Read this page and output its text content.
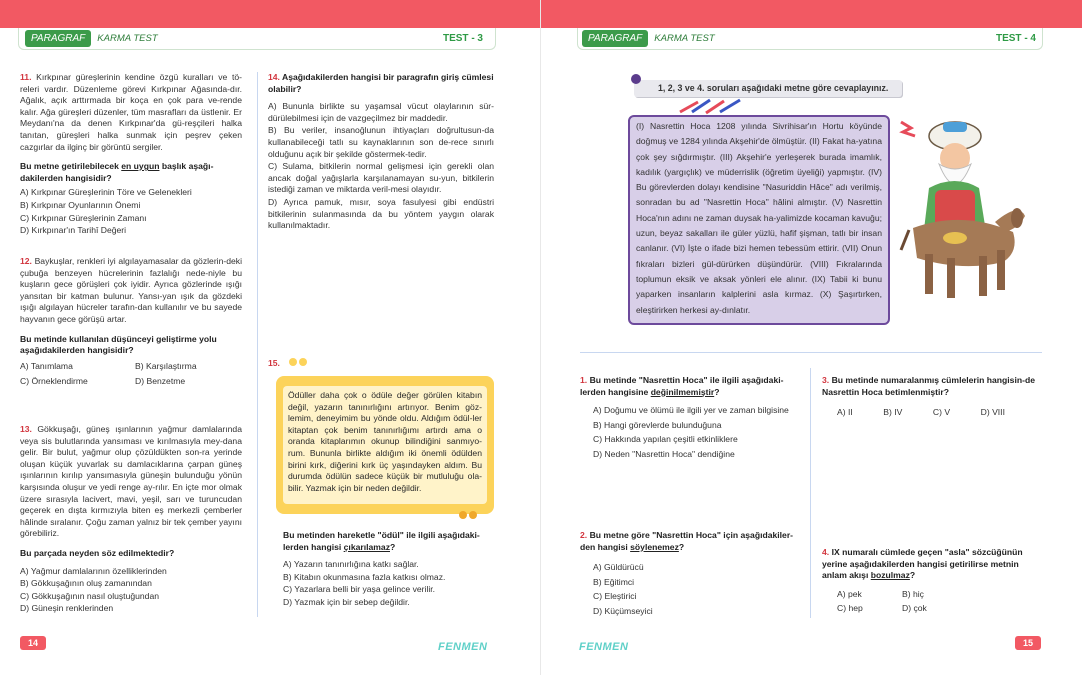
PARAGRAF	KARMA TEST	TEST - 3
11. Kırkpınar güreşlerinin kendine özgü kuralları ve tö-releri vardır. Düzenleme görevi Kırkpınar Ağasında-dır. Ağalık, açık arttırmada bir koça en çok para ve-rende kalır. Ağa güreşleri düzenler, tüm masrafları da üstlenir. Er Meydanı'na da denen Kırkpınar'da gü-reşçileri halka tanıtan, güreşleri halka sunmak için peşrev çeken cazgırlar da ilginç bir görüntü sergiler.
Bu metne getirilebilecek en uygun başlık aşağı-dakilerden hangisidir?
A) Kırkpınar Güreşlerinin Töre ve Gelenekleri
B) Kırkpınar Oyunlarının Önemi
C) Kırkpınar Güreşlerinin Zamanı
D) Kırkpınar'ın Tarihî Değeri
12. Baykuşlar, renkleri iyi algılayamasalar da gözlerin-deki çubuğa benzeyen hücrelerinin fazlalığı nede-niyle bu kuşların gece görüşleri çok iyidir. Ayrıca gözlerinde ışığı yansıtan bir katman bulunur. Yansı-yan ışık da gözdeki ışığı algılayan hücreler tarafın-dan kullanılır ve bu sayede hayvanın gece görüşü artar.
Bu metinde kullanılan düşünceyi geliştirme yolu aşağıdakilerden hangisidir?
A) Tanımlama	B) Karşılaştırma
C) Örneklendirme	D) Benzetme
13. Gökkuşağı, güneş ışınlarının yağmur damlalarında veya sis bulutlarında yansıması ve kırılmasıyla mey-dana gelir. Bir bulut, yağmur olup çözüldükten son-ra yerinde oluşan küçük yuvarlak su damlacıklarına çarpan güneş ışınlarının kırılıp yansımasıyla güneşin bulunduğu yönün karşısında oluşur ve yedi renge ay-rılır. En içte mor olmak üzere sırasıyla lacivert, mavi, yeşil, sarı ve turuncudan geçerek en dışta kırmızıyla biten eş merkezli çemberler hâlinde sıralanır. Çoğu zaman yalnız bir tek çember yayını görebiliriz.
Bu parçada neyden söz edilmektedir?
A) Yağmur damlalarının özelliklerinden
B) Gökkuşağının oluş zamanından
C) Gökkuşağının nasıl oluştuğundan
D) Güneşin renklerinden
14. Aşağıdakilerden hangisi bir paragrafın giriş cümlesi olabilir?
A) Bununla birlikte su yaşamsal vücut olaylarının sür-dürülebilmesi için de vazgeçilmez bir maddedir.
B) Bu veriler, insanoğlunun ihtiyaçları doğrultusun-da kullanabileceği tatlı su kaynaklarının son de-rece sınırlı olduğunu açık bir şekilde göstermek-tedir.
C) Sulama, bitkilerin normal gelişmesi için gerekli olan ancak doğal yağışlarla karşılanamayan su-yun, bitkilerin istediği zaman ve miktarda veril-mesi olayıdır.
D) Ayrıca pamuk, mısır, soya fasulyesi gibi endüstri bitkilerinin sulanmasında da bu yöntem yaygın olarak kullanılmaktadır.
15.
Ödüller daha çok o ödüle değer görülen kitabın değil, yazarın tanınırlığını artırıyor. Benim göz-lemim, deneyimim bu yönde oldu. Aldığım ödül-ler kitaptan çok benim tanınırlığımı artırdı ama o oranda kitaplarımın okunup bilindiğini sanmıyo-rum. Bununla birlikte aldığım iki önemli ödülden birini kırk, diğerini kırk üç yaşındayken aldım. Bu durumda ödülün sadece küçük bir mutluluğu ola-bilir. Yazmak için bir neden değildir.
Bu metinden hareketle "ödül" ile ilgili aşağıdaki-lerden hangisi çıkarılamaz?
A) Yazarın tanınırlığına katkı sağlar.
B) Kitabın okunmasına fazla katkısı olmaz.
C) Yazarlara belli bir yaşa gelince verilir.
D) Yazmak için bir sebep değildir.
14	FENMEN
PARAGRAF	KARMA TEST	TEST - 4
15
FENMEN
1, 2, 3 ve 4. soruları aşağıdaki metne göre cevaplayınız.
(I) Nasrettin Hoca 1208 yılında Sivrihisar'ın Hortu köyünde doğmuş ve 1284 yılında Akşehir'de ölmüştür. (II) Fakat ha-yatına çok şey sığdırmıştır. (III) Akşehir'e yerleşerek burada imamlık, kadılık (yargıçlık) ve müderrislik (öğretim üyeliği) yapmıştır. (IV) Bu görevlerden dolayı kendisine "Nasuriddin Hâce" adı verilmiş, sonradan bu ad "Nasrettin Hoca" hâlini almıştır. (V) Nasrettin Hoca'nın adını ne zaman duysak ha-yalimizde kocaman kavuğu; uzun, beyaz sakalları ile güler yüzlü, hafif şişman, tatlı bir insan canlanır. (VI) İşte o ifade bizi hemen tebessüm ettirir. (VII) Onun fıkraları bizleri gül-dürürken düşündürür. (VIII) Fıkralarında toplumun eksik ve aksak yönleri ele alınır. (IX) Tabii ki bunu yaparken insanların kalplerini asla kırmaz. (X) Şaşırtırken, eleştirirken herkesi ay-dınlatır.
1. Bu metinde "Nasrettin Hoca" ile ilgili aşağıdaki-lerden hangisine değinilmemiştir?
A) Doğumu ve ölümü ile ilgili yer ve zaman bilgisine
B) Hangi görevlerde bulunduğuna
C) Hakkında yapılan çeşitli etkinliklere
D) Neden "Nasrettin Hoca" dendiğine
2. Bu metne göre "Nasrettin Hoca" için aşağıdakiler-den hangisi söylenemez?
A) Güldürücü
B) Eğitimci
C) Eleştirici
D) Küçümseyici
3. Bu metinde numaralanmış cümlelerin hangisin-de Nasrettin Hoca betimlenmiştir?
A) II	B) IV	C) V	D) VIII
4. IX numaralı cümlede geçen "asla" sözcüğünün yerine aşağıdakilerden hangisi getirilirse metnin anlam akışı bozulmaz?
A) pek	B) hiç
C) hep	D) çok
